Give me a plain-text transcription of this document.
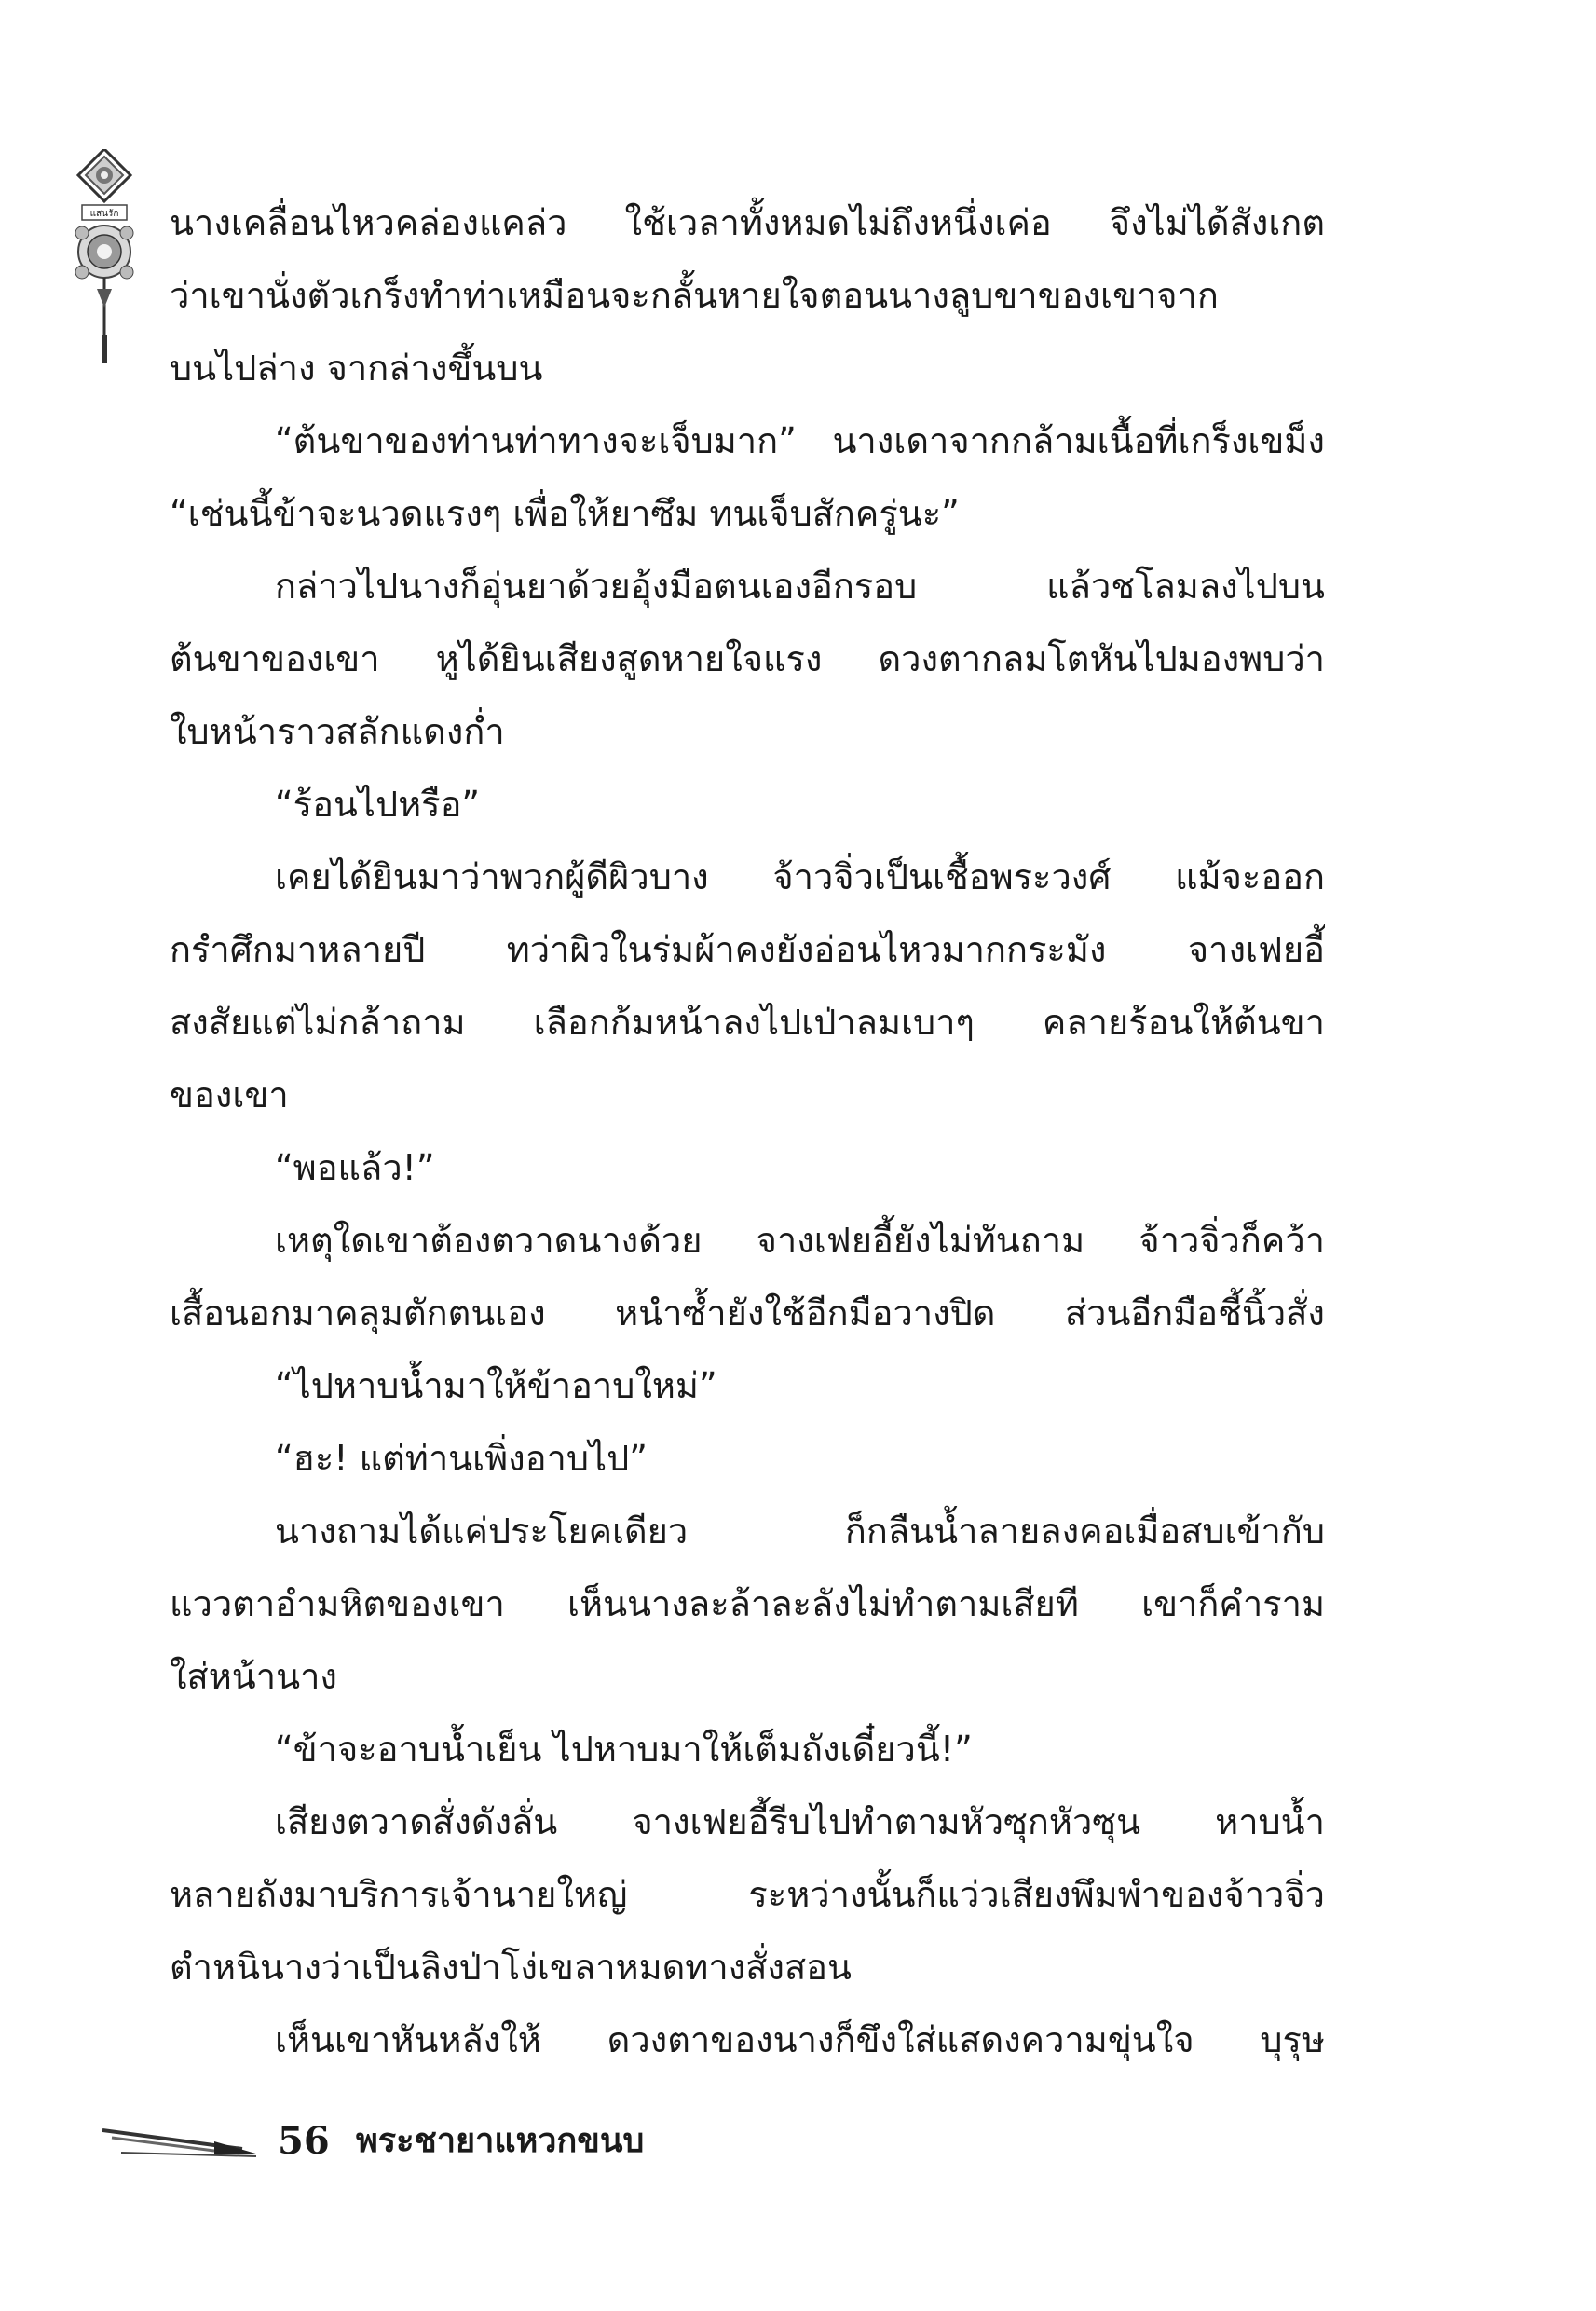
แสนรัก นางเคลื่อนไหวคล่องแคล่ว ใช้เวลาทั้งหมดไม่ถึงหนึ่งเค่อ จึงไม่ได้สังเกต
ว่าเขานั่งตัวเกร็งทำท่าเหมือนจะกลั้นหายใจตอนนางลูบขาของเขาจาก
บนไปล่าง จากล่างขึ้นบน
“ต้นขาของท่านท่าทางจะเจ็บมาก” นางเดาจากกล้ามเนื้อที่เกร็งเขม็ง
“เช่นนี้ข้าจะนวดแรงๆ เพื่อให้ยาซึม ทนเจ็บสักครู่นะ”
กล่าวไปนางก็อุ่นยาด้วยอุ้งมือตนเองอีกรอบ แล้วชโลมลงไปบน
ต้นขาของเขา หูได้ยินเสียงสูดหายใจแรง ดวงตากลมโตหันไปมองพบว่า
ใบหน้าราวสลักแดงก่ำ
“ร้อนไปหรือ”
เคยได้ยินมาว่าพวกผู้ดีผิวบาง จ้าวจิ่วเป็นเชื้อพระวงศ์ แม้จะออก
กรำศึกมาหลายปี ทว่าผิวในร่มผ้าคงยังอ่อนไหวมากกระมัง จางเฟยอี้
สงสัยแต่ไม่กล้าถาม เลือกก้มหน้าลงไปเป่าลมเบาๆ คลายร้อนให้ต้นขา
ของเขา
“พอแล้ว!”
เหตุใดเขาต้องตวาดนางด้วย จางเฟยอี้ยังไม่ทันถาม จ้าวจิ่วก็คว้า
เสื้อนอกมาคลุมตักตนเอง หนำซ้ำยังใช้อีกมือวางปิด ส่วนอีกมือชี้นิ้วสั่ง
“ไปหาบน้ำมาให้ข้าอาบใหม่”
“ฮะ! แต่ท่านเพิ่งอาบไป”
นางถามได้แค่ประโยคเดียว ก็กลืนน้ำลายลงคอเมื่อสบเข้ากับ
แววตาอำมหิตของเขา เห็นนางละล้าละลังไม่ทำตามเสียที เขาก็คำราม
ใส่หน้านาง
“ข้าจะอาบน้ำเย็น ไปหาบมาให้เต็มถังเดี๋ยวนี้!”
เสียงตวาดสั่งดังลั่น จางเฟยอี้รีบไปทำตามหัวซุกหัวซุน หาบน้ำ
หลายถังมาบริการเจ้านายใหญ่ ระหว่างนั้นก็แว่วเสียงพึมพำของจ้าวจิ่ว
ตำหนินางว่าเป็นลิงป่าโง่เขลาหมดทางสั่งสอน
เห็นเขาหันหลังให้ ดวงตาของนางก็ขึงใส่แสดงความขุ่นใจ บุรุษ
56 พระชายาแหวกขนบ
